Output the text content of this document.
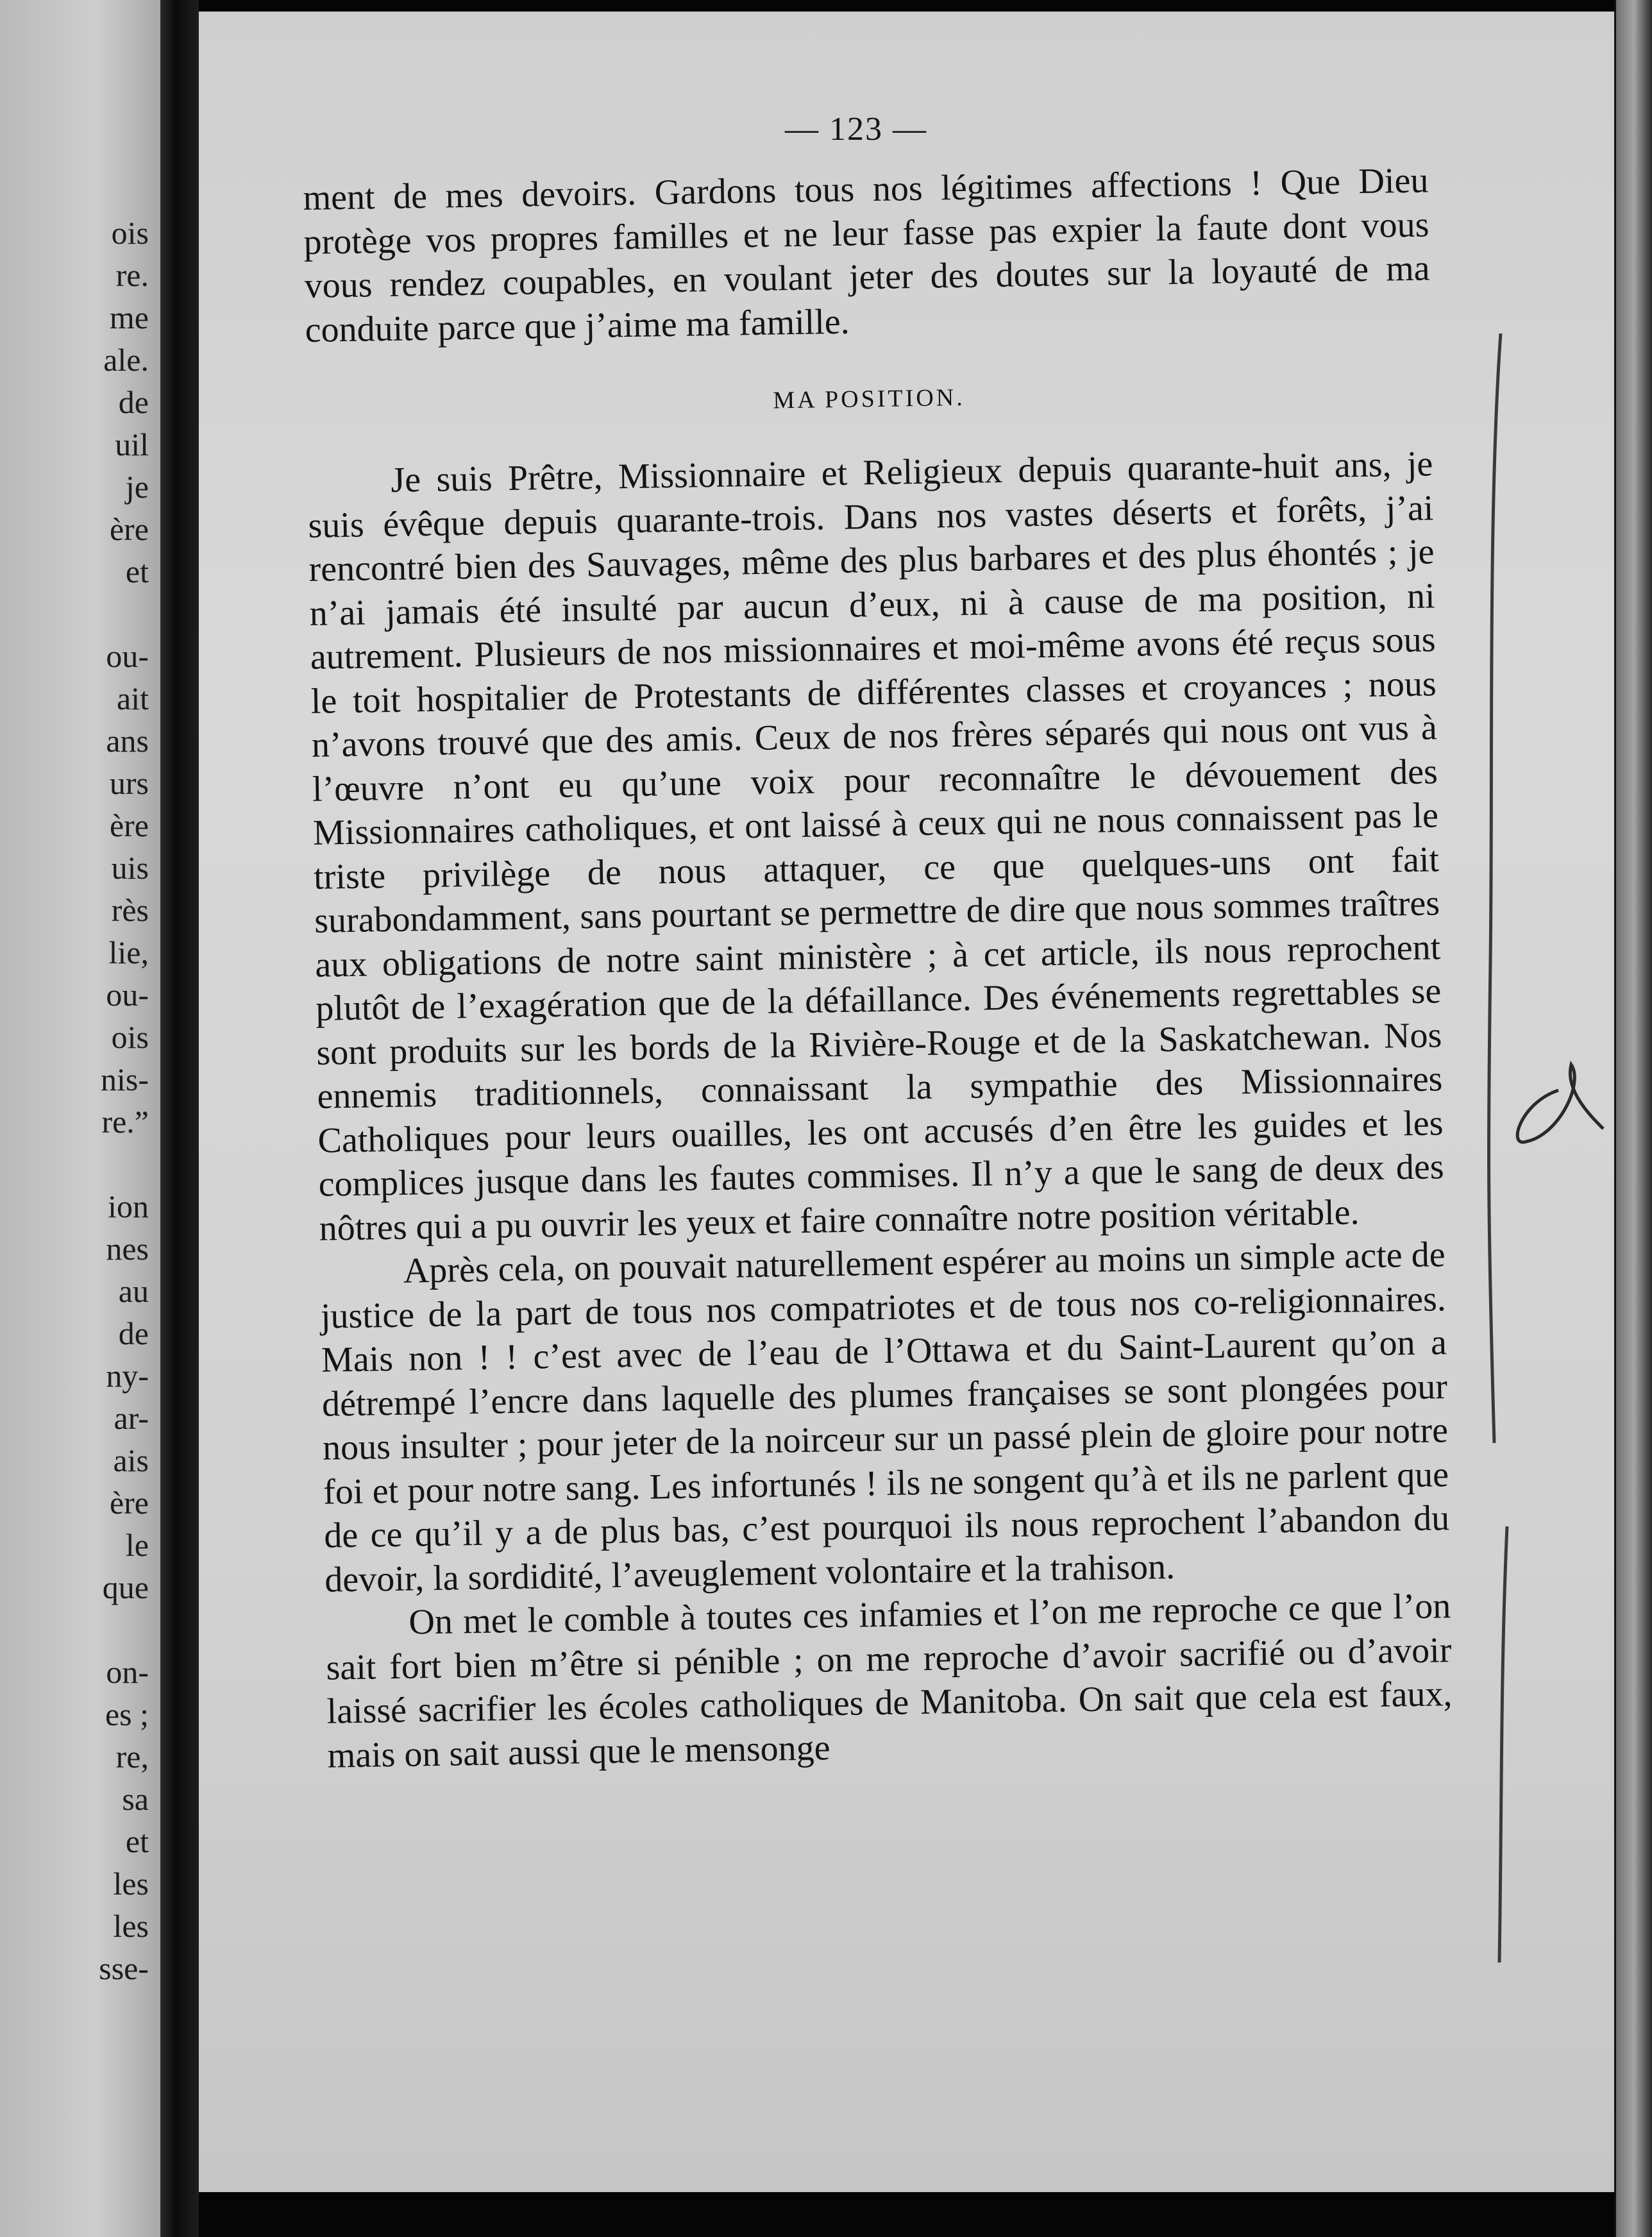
ois
re.
me
ale.
de
uil
je
ère
et
ou-
ait
ans
urs
ère
uis
rès
lie,
ou-
ois
nis-
re.”
ion
nes
au
de
ny-
ar-
ais
ère
le
que
on-
es ;
re,
sa
et
les
les
sse-
— 123 —

ment de mes devoirs. Gardons tous nos légitimes affections ! Que Dieu protège vos propres familles et ne leur fasse pas expier la faute dont vous vous rendez coupables, en voulant jeter des doutes sur la loyauté de ma conduite parce que j’aime ma famille.

MA POSITION.

Je suis Prêtre, Missionnaire et Religieux depuis quarante-huit ans, je suis évêque depuis quarante-trois. Dans nos vastes déserts et forêts, j’ai rencontré bien des Sauvages, même des plus barbares et des plus éhontés ; je n’ai jamais été insulté par aucun d’eux, ni à cause de ma position, ni autrement. Plusieurs de nos missionnaires et moi-même avons été reçus sous le toit hospitalier de Protestants de différentes classes et croyances ; nous n’avons trouvé que des amis. Ceux de nos frères séparés qui nous ont vus à l’œuvre n’ont eu qu’une voix pour reconnaître le dévouement des Missionnaires catholiques, et ont laissé à ceux qui ne nous connaissent pas le triste privilège de nous attaquer, ce que quelques-uns ont fait surabondamment, sans pourtant se permettre de dire que nous sommes traîtres aux obligations de notre saint ministère ; à cet article, ils nous reprochent plutôt de l’exagération que de la défaillance. Des événements regrettables se sont produits sur les bords de la Rivière-Rouge et de la Saskatchewan. Nos ennemis traditionnels, connaissant la sympathie des Missionnaires Catholiques pour leurs ouailles, les ont accusés d’en être les guides et les complices jusque dans les fautes commises. Il n’y a que le sang de deux des nôtres qui a pu ouvrir les yeux et faire connaître notre position véritable.

Après cela, on pouvait naturellement espérer au moins un simple acte de justice de la part de tous nos compatriotes et de tous nos co-religionnaires. Mais non ! ! c’est avec de l’eau de l’Ottawa et du Saint-Laurent qu’on a détrempé l’encre dans laquelle des plumes françaises se sont plongées pour nous insulter ; pour jeter de la noirceur sur un passé plein de gloire pour notre foi et pour notre sang. Les infortunés ! ils ne songent qu’à et ils ne parlent que de ce qu’il y a de plus bas, c’est pourquoi ils nous reprochent l’abandon du devoir, la sordidité, l’aveuglement volontaire et la trahison.

On met le comble à toutes ces infamies et l’on me reproche ce que l’on sait fort bien m’être si pénible ; on me reproche d’avoir sacrifié ou d’avoir laissé sacrifier les écoles catholiques de Manitoba. On sait que cela est faux, mais on sait aussi que le mensonge
